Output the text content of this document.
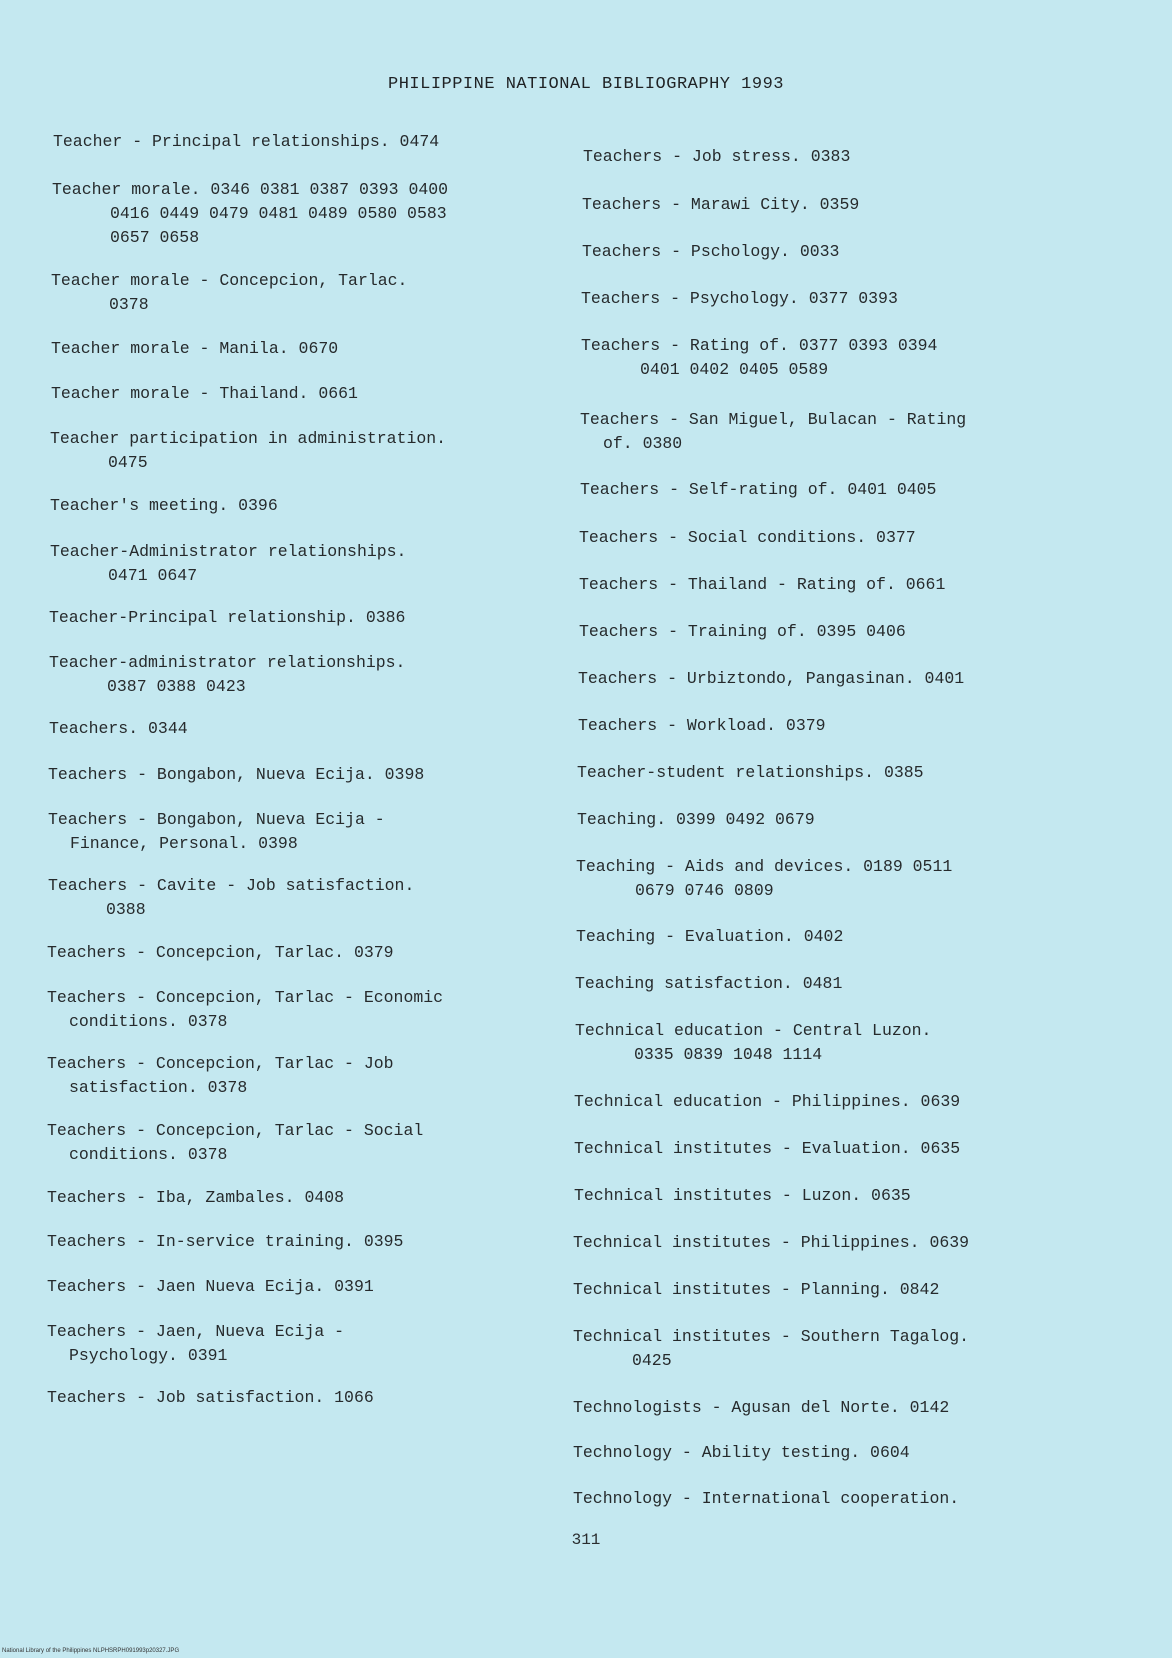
PHILIPPINE NATIONAL BIBLIOGRAPHY 1993
Teacher - Principal relationships. 0474
Teacher morale. 0346 0381 0387 0393 0400
0416 0449 0479 0481 0489 0580 0583
0657 0658
Teacher morale - Concepcion, Tarlac.
0378
Teacher morale - Manila. 0670
Teacher morale - Thailand. 0661
Teacher participation in administration.
0475
Teacher's meeting. 0396
Teacher-Administrator relationships.
0471 0647
Teacher-Principal relationship. 0386
Teacher-administrator relationships.
0387 0388 0423
Teachers. 0344
Teachers - Bongabon, Nueva Ecija. 0398
Teachers - Bongabon, Nueva Ecija -
Finance, Personal. 0398
Teachers - Cavite - Job satisfaction.
0388
Teachers - Concepcion, Tarlac. 0379
Teachers - Concepcion, Tarlac - Economic
conditions. 0378
Teachers - Concepcion, Tarlac - Job
satisfaction. 0378
Teachers - Concepcion, Tarlac - Social
conditions. 0378
Teachers - Iba, Zambales. 0408
Teachers - In-service training. 0395
Teachers - Jaen Nueva Ecija. 0391
Teachers - Jaen, Nueva Ecija -
Psychology. 0391
Teachers - Job satisfaction. 1066
Teachers - Job stress. 0383
Teachers - Marawi City. 0359
Teachers - Pschology. 0033
Teachers - Psychology. 0377 0393
Teachers - Rating of. 0377 0393 0394
0401 0402 0405 0589
Teachers - San Miguel, Bulacan - Rating
of. 0380
Teachers - Self-rating of. 0401 0405
Teachers - Social conditions. 0377
Teachers - Thailand - Rating of. 0661
Teachers - Training of. 0395 0406
Teachers - Urbiztondo, Pangasinan. 0401
Teachers - Workload. 0379
Teacher-student relationships. 0385
Teaching. 0399 0492 0679
Teaching - Aids and devices. 0189 0511
0679 0746 0809
Teaching - Evaluation. 0402
Teaching satisfaction. 0481
Technical education - Central Luzon.
0335 0839 1048 1114
Technical education - Philippines. 0639
Technical institutes - Evaluation. 0635
Technical institutes - Luzon. 0635
Technical institutes - Philippines. 0639
Technical institutes - Planning. 0842
Technical institutes - Southern Tagalog.
0425
Technologists - Agusan del Norte. 0142
Technology - Ability testing. 0604
Technology - International cooperation.
311
National Library of the Philippines NLPHSRPH091993p20327.JPG
